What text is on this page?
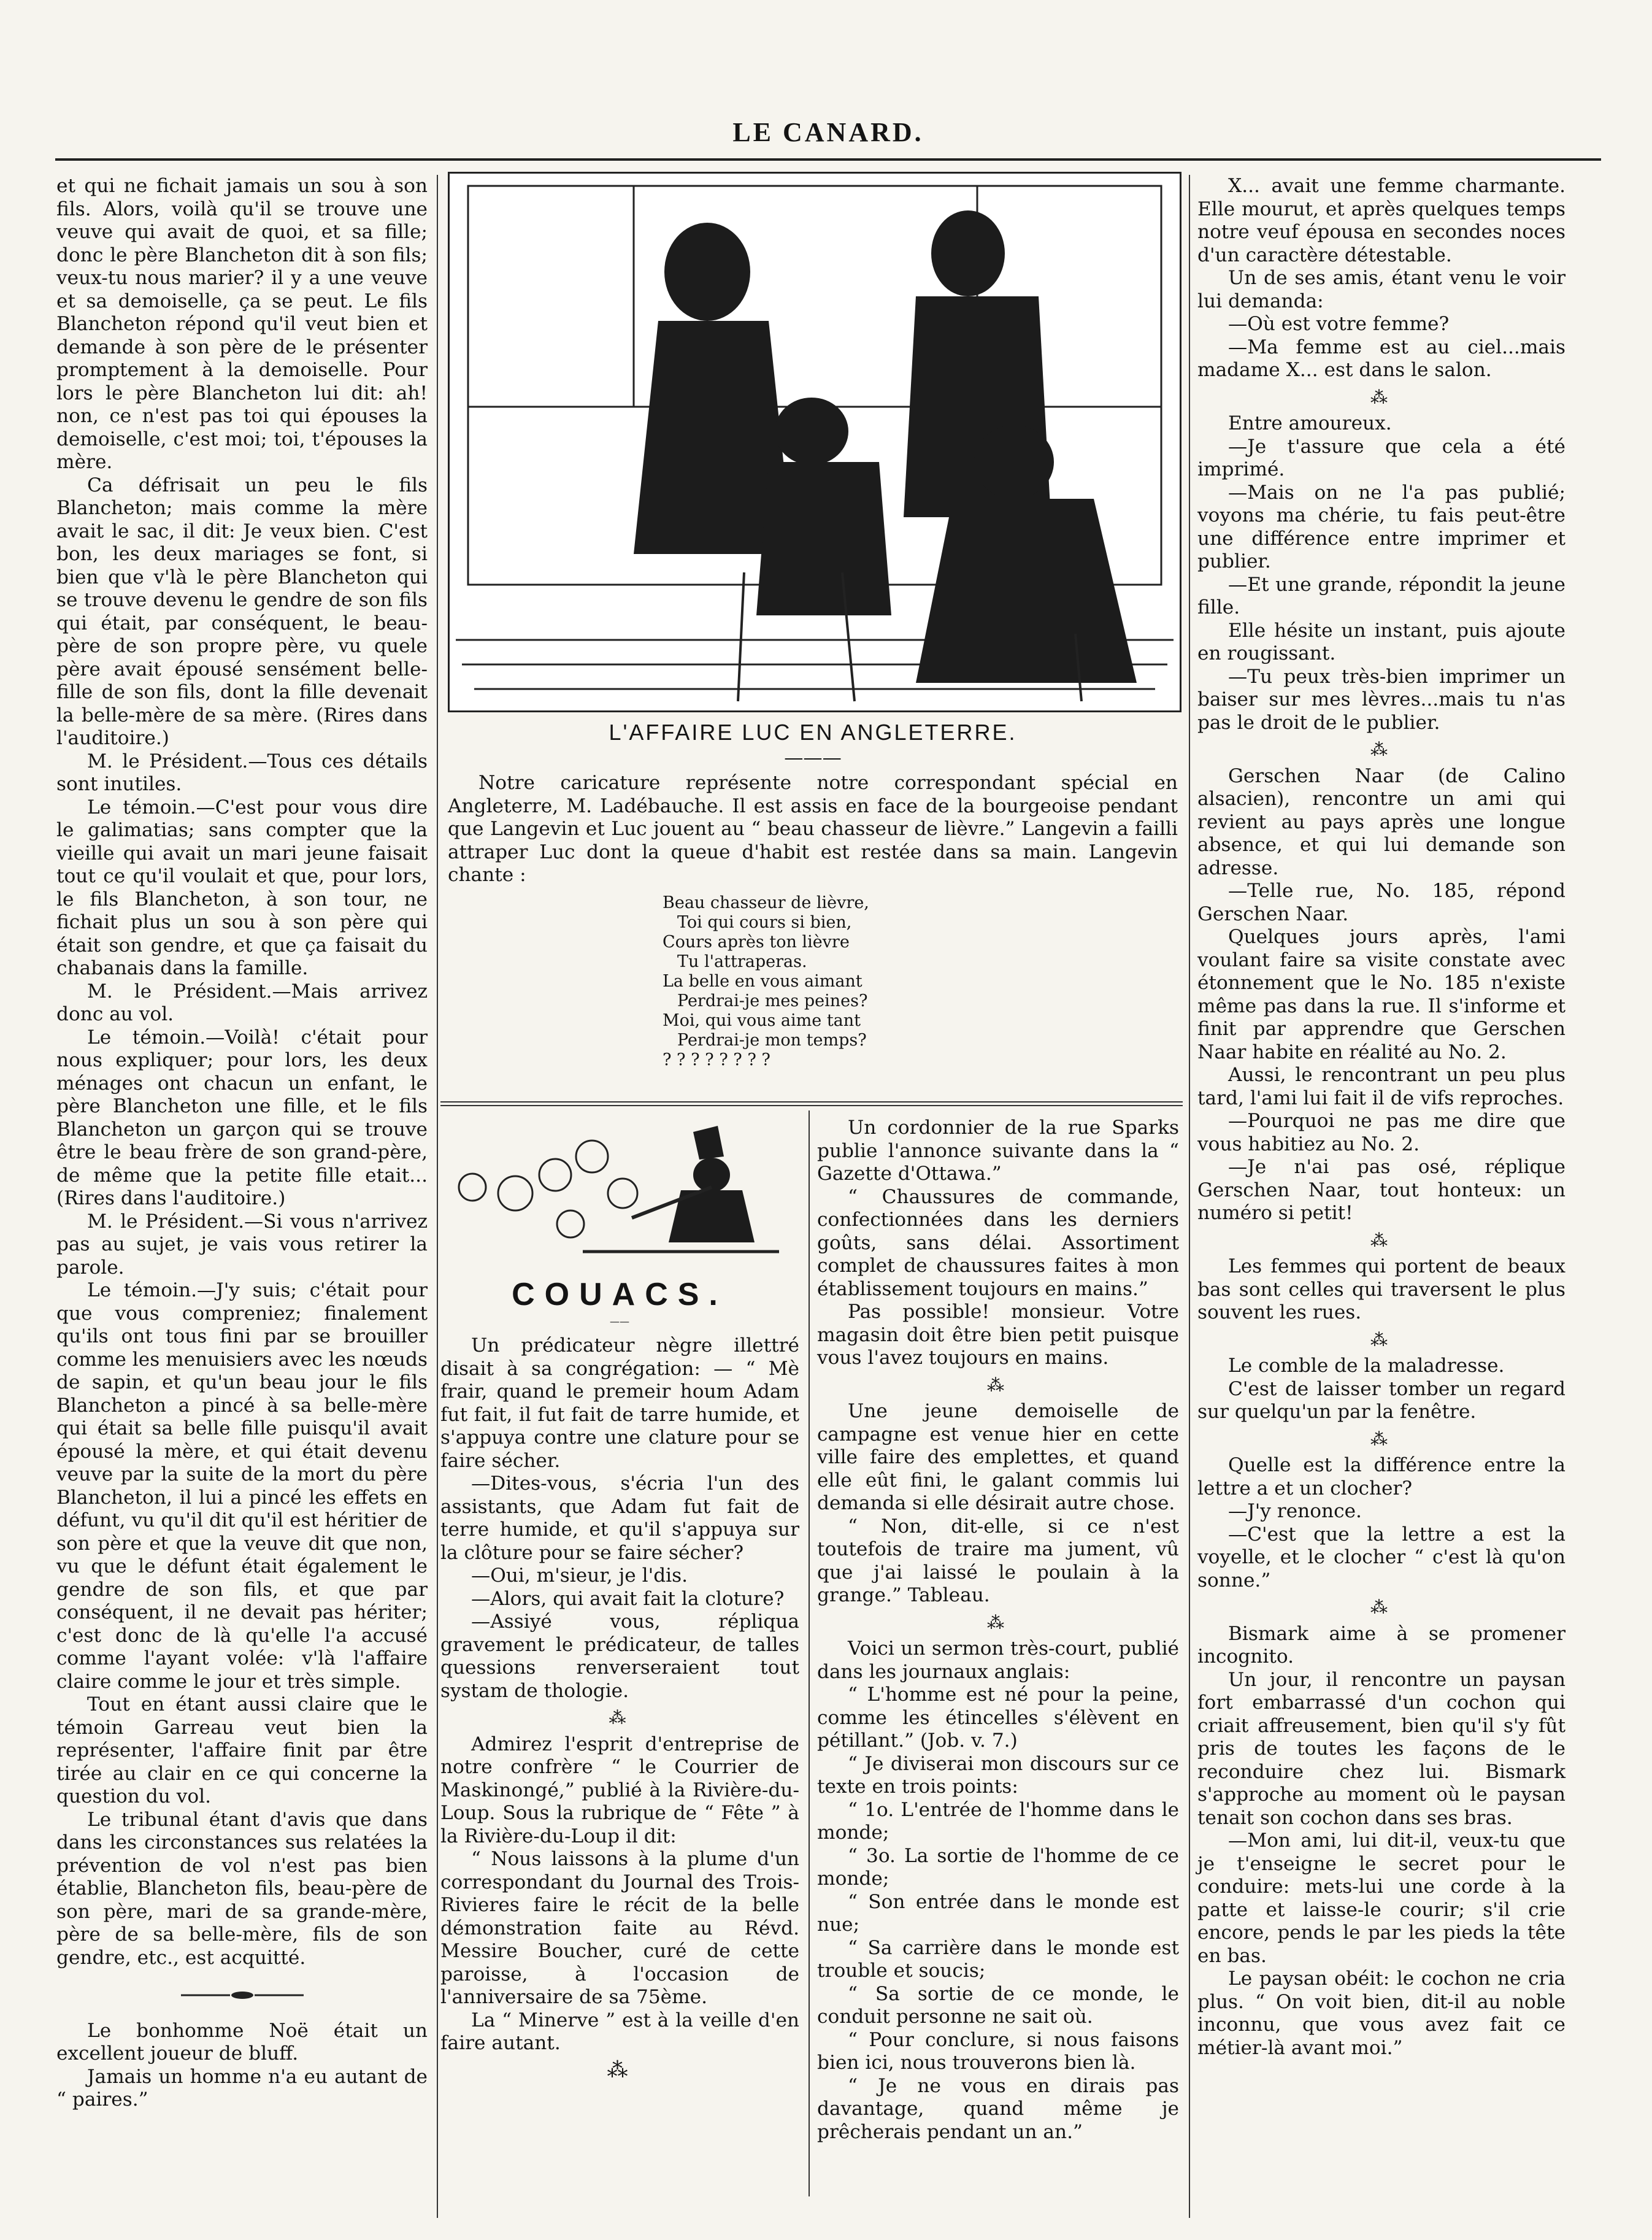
LE CANARD.

et qui ne fichait jamais un sou à son fils. Alors, voilà qu'il se trouve une veuve qui avait de quoi, et sa fille; donc le père Blancheton dit à son fils; veux-tu nous marier? il y a une veuve et sa demoiselle, ça se peut. Le fils Blancheton répond qu'il veut bien et demande à son père de le présenter promptement à la demoiselle. Pour lors le père Blancheton lui dit: ah! non, ce n'est pas toi qui épouses la demoiselle, c'est moi; toi, t'épouses la mère.

Ca défrisait un peu le fils Blancheton; mais comme la mère avait le sac, il dit: Je veux bien. C'est bon, les deux mariages se font, si bien que v'là le père Blancheton qui se trouve devenu le gendre de son fils qui était, par conséquent, le beau-père de son propre père, vu quele père avait épousé sensément belle-fille de son fils, dont la fille devenait la belle-mère de sa mère. (Rires dans l'auditoire.)

M. le Président.—Tous ces détails sont inutiles.

Le témoin.—C'est pour vous dire le galimatias; sans compter que la vieille qui avait un mari jeune faisait tout ce qu'il voulait et que, pour lors, le fils Blancheton, à son tour, ne fichait plus un sou à son père qui était son gendre, et que ça faisait du chabanais dans la famille.

M. le Président.—Mais arrivez donc au vol.

Le témoin.—Voilà! c'était pour nous expliquer; pour lors, les deux ménages ont chacun un enfant, le père Blancheton une fille, et le fils Blancheton un garçon qui se trouve être le beau frère de son grand-père, de même que la petite fille etait...(Rires dans l'auditoire.)

M. le Président.—Si vous n'arrivez pas au sujet, je vais vous retirer la parole.

Le témoin.—J'y suis; c'était pour que vous compreniez; finalement qu'ils ont tous fini par se brouiller comme les menuisiers avec les nœuds de sapin, et qu'un beau jour le fils Blancheton a pincé à sa belle-mère qui était sa belle fille puisqu'il avait épousé la mère, et qui était devenu veuve par la suite de la mort du père Blancheton, il lui a pincé les effets en défunt, vu qu'il dit qu'il est héritier de son père et que la veuve dit que non, vu que le défunt était également le gendre de son fils, et que par conséquent, il ne devait pas hériter; c'est donc de là qu'elle l'a accusé comme l'ayant volée: v'là l'affaire claire comme le jour et très simple.

Tout en étant aussi claire que le témoin Garreau veut bien la représenter, l'affaire finit par être tirée au clair en ce qui concerne la question du vol.

Le tribunal étant d'avis que dans dans les circonstances sus relatées la prévention de vol n'est pas bien établie, Blancheton fils, beau-père de son père, mari de sa grande-mère, père de sa belle-mère, fils de son gendre, etc., est acquitté.

Le bonhomme Noë était un excellent joueur de bluff.

Jamais un homme n'a eu autant de “ paires.”

L'AFFAIRE LUC EN ANGLETERRE.
———

Notre caricature représente notre correspondant spécial en Angleterre, M. Ladébauche. Il est assis en face de la bourgeoise pendant que Langevin et Luc jouent au “ beau chasseur de lièvre.” Langevin a failli attraper Luc dont la queue d'habit est restée dans sa main. Langevin chante :

Beau chasseur de lièvre,
Toi qui cours si bien,
Cours après ton lièvre
Tu l'attraperas.
La belle en vous aimant
Perdrai-je mes peines?
Moi, qui vous aime tant
Perdrai-je mon temps?
? ? ? ? ? ? ? ?
COUACS.
——

Un prédicateur nègre illettré disait à sa congrégation: — “ Mè frair, quand le premeir houm Adam fut fait, il fut fait de tarre humide, et s'appuya contre une clature pour se faire sécher.

—Dites-vous, s'écria l'un des assistants, que Adam fut fait de terre humide, et qu'il s'appuya sur la clôture pour se faire sécher?

—Oui, m'sieur, je l'dis.

—Alors, qui avait fait la cloture?

—Assiyé vous, répliqua gravement le prédicateur, de talles quessions renverseraient tout systam de thologie.

⁂

Admirez l'esprit d'entreprise de notre confrère “ le Courrier de Maskinongé,” publié à la Rivière-du-Loup. Sous la rubrique de “ Fête ” à la Rivière-du-Loup il dit:

“ Nous laissons à la plume d'un correspondant du Journal des Trois-Rivieres faire le récit de la belle démonstration faite au Révd. Messire Boucher, curé de cette paroisse, à l'occasion de l'anniversaire de sa 75ème.

La “ Minerve ” est à la veille d'en faire autant.

⁂

Un cordonnier de la rue Sparks publie l'annonce suivante dans la “ Gazette d'Ottawa.”

“ Chaussures de commande, confectionnées dans les derniers goûts, sans délai. Assortiment complet de chaussures faites à mon établissement toujours en mains.”

Pas possible! monsieur. Votre magasin doit être bien petit puisque vous l'avez toujours en mains.

⁂

Une jeune demoiselle de campagne est venue hier en cette ville faire des emplettes, et quand elle eût fini, le galant commis lui demanda si elle désirait autre chose.

“ Non, dit-elle, si ce n'est toutefois de traire ma jument, vû que j'ai laissé le poulain à la grange.” Tableau.

⁂

Voici un sermon très-court, publié dans les journaux anglais:

“ L'homme est né pour la peine, comme les étincelles s'élèvent en pétillant.” (Job. v. 7.)

“ Je diviserai mon discours sur ce texte en trois points:

“ 1o. L'entrée de l'homme dans le monde;

“ 3o. La sortie de l'homme de ce monde;

“ Son entrée dans le monde est nue;

“ Sa carrière dans le monde est trouble et soucis;

“ Sa sortie de ce monde, le conduit personne ne sait où.

“ Pour conclure, si nous faisons bien ici, nous trouverons bien là.

“ Je ne vous en dirais pas davantage, quand même je prêcherais pendant un an.”

X... avait une femme charmante. Elle mourut, et après quelques temps notre veuf épousa en secondes noces d'un caractère détestable.

Un de ses amis, étant venu le voir lui demanda:

—Où est votre femme?

—Ma femme est au ciel...mais madame X... est dans le salon.

⁂

Entre amoureux.

—Je t'assure que cela a été imprimé.

—Mais on ne l'a pas publié; voyons ma chérie, tu fais peut-être une différence entre imprimer et publier.

—Et une grande, répondit la jeune fille.

Elle hésite un instant, puis ajoute en rougissant.

—Tu peux très-bien imprimer un baiser sur mes lèvres...mais tu n'as pas le droit de le publier.

⁂

Gerschen Naar (de Calino alsacien), rencontre un ami qui revient au pays après une longue absence, et qui lui demande son adresse.

—Telle rue, No. 185, répond Gerschen Naar.

Quelques jours après, l'ami voulant faire sa visite constate avec étonnement que le No. 185 n'existe même pas dans la rue. Il s'informe et finit par apprendre que Gerschen Naar habite en réalité au No. 2.

Aussi, le rencontrant un peu plus tard, l'ami lui fait il de vifs reproches.

—Pourquoi ne pas me dire que vous habitiez au No. 2.

—Je n'ai pas osé, réplique Gerschen Naar, tout honteux: un numéro si petit!

⁂

Les femmes qui portent de beaux bas sont celles qui traversent le plus souvent les rues.

⁂

Le comble de la maladresse.

C'est de laisser tomber un regard sur quelqu'un par la fenêtre.

⁂

Quelle est la différence entre la lettre a et un clocher?

—J'y renonce.

—C'est que la lettre a est la voyelle, et le clocher “ c'est là qu'on sonne.”

⁂

Bismark aime à se promener incognito.

Un jour, il rencontre un paysan fort embarrassé d'un cochon qui criait affreusement, bien qu'il s'y fût pris de toutes les façons de le reconduire chez lui. Bismark s'approche au moment où le paysan tenait son cochon dans ses bras.

—Mon ami, lui dit-il, veux-tu que je t'enseigne le secret pour le conduire: mets-lui une corde à la patte et laisse-le courir; s'il crie encore, pends le par les pieds la tête en bas.

Le paysan obéit: le cochon ne cria plus. “ On voit bien, dit-il au noble inconnu, que vous avez fait ce métier-là avant moi.”
